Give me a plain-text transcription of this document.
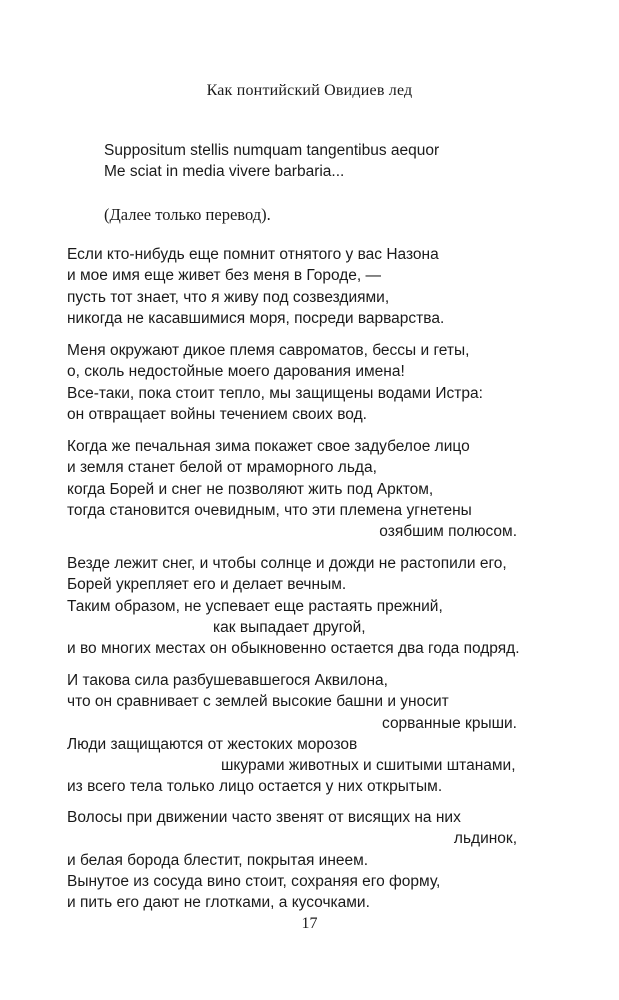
Как понтийский Овидиев лед
Suppositum stellis numquam tangentibus aequor
Me sciat in media vivere barbaria...
(Далее только перевод).
Если кто-нибудь еще помнит отнятого у вас Назона
и мое имя еще живет без меня в Городе, —
пусть тот знает, что я живу под созвездиями,
никогда не касавшимися моря, посреди варварства.
Меня окружают дикое племя савроматов, бессы и геты,
о, сколь недостойные моего дарования имена!
Все-таки, пока стоит тепло, мы защищены водами Истра:
он отвращает войны течением своих вод.
Когда же печальная зима покажет свое задубелое лицо
и земля станет белой от мраморного льда,
когда Борей и снег не позволяют жить под Арктом,
тогда становится очевидным, что эти племена угнетены
озябшим полюсом.
Везде лежит снег, и чтобы солнце и дожди не растопили его,
Борей укрепляет его и делает вечным.
Таким образом, не успевает еще растаять прежний,
как выпадает другой,
и во многих местах он обыкновенно остается два года подряд.
И такова сила разбушевавшегося Аквилона,
что он сравнивает с землей высокие башни и уносит
сорванные крыши.
Люди защищаются от жестоких морозов
шкурами животных и сшитыми штанами,
из всего тела только лицо остается у них открытым.
Волосы при движении часто звенят от висящих на них
льдинок,
и белая борода блестит, покрытая инеем.
Вынутое из сосуда вино стоит, сохраняя его форму,
и пить его дают не глотками, а кусочками.
17
